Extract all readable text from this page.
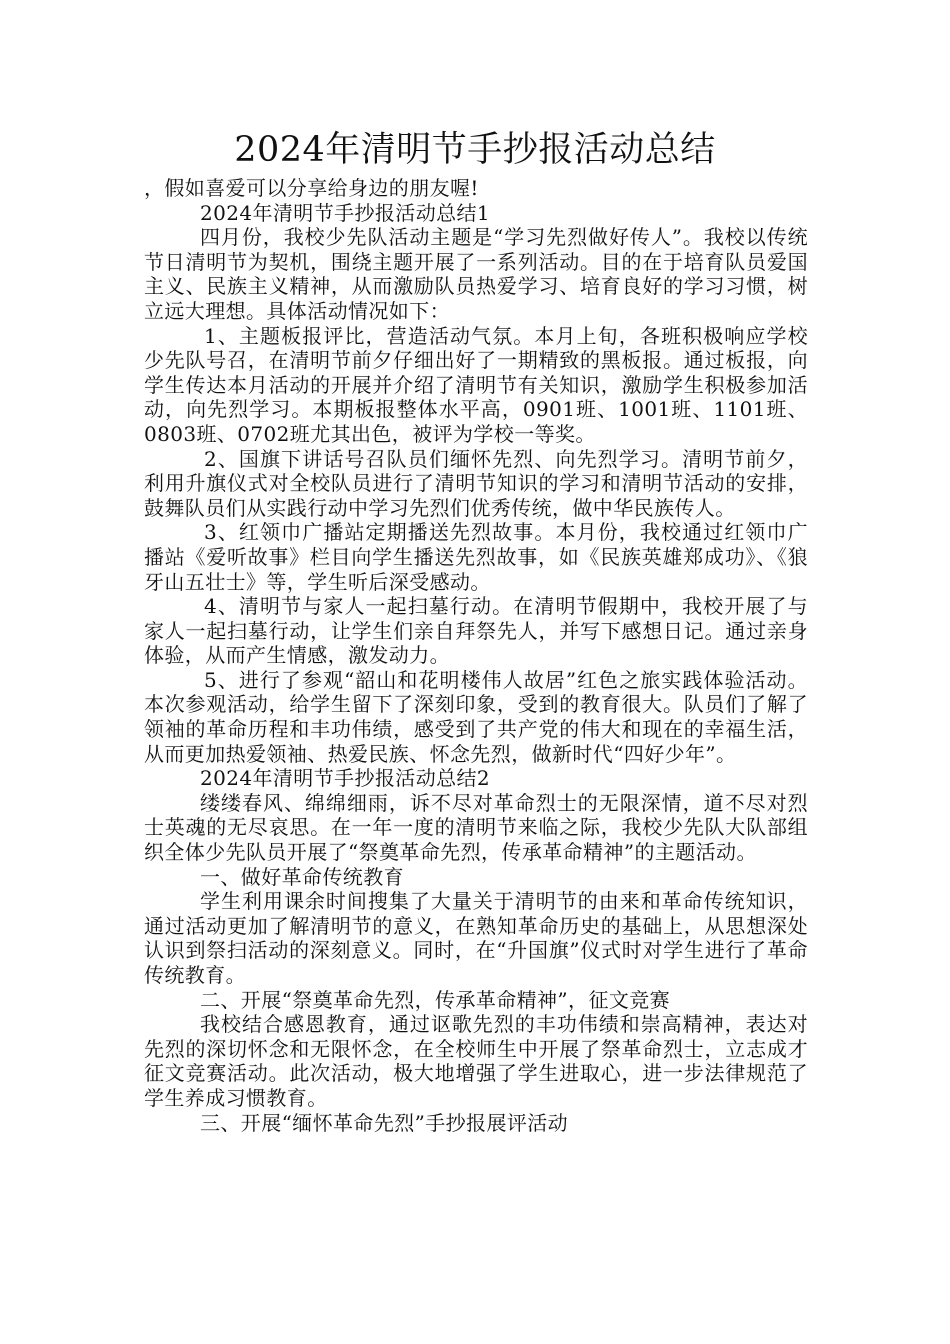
2024年清明节手抄报活动总结

，假如喜爱可以分享给身边的朋友喔!

2024年清明节手抄报活动总结1

四月份，我校少先队活动主题是“学习先烈做好传人”。我校以传统节日清明节为契机，围绕主题开展了一系列活动。目的在于培育队员爱国主义、民族主义精神，从而激励队员热爱学习、培育良好的学习习惯，树立远大理想。具体活动情况如下：

1、主题板报评比，营造活动气氛。本月上旬，各班积极响应学校少先队号召，在清明节前夕仔细出好了一期精致的黑板报。通过板报，向学生传达本月活动的开展并介绍了清明节有关知识，激励学生积极参加活动，向先烈学习。本期板报整体水平高，0901班、1001班、1101班、0803班、0702班尤其出色，被评为学校一等奖。

2、国旗下讲话号召队员们缅怀先烈、向先烈学习。清明节前夕，利用升旗仪式对全校队员进行了清明节知识的学习和清明节活动的安排，鼓舞队员们从实践行动中学习先烈们优秀传统，做中华民族传人。

3、红领巾广播站定期播送先烈故事。本月份，我校通过红领巾广播站《爱听故事》栏目向学生播送先烈故事，如《民族英雄郑成功》、《狼牙山五壮士》等，学生听后深受感动。

4、清明节与家人一起扫墓行动。在清明节假期中，我校开展了与家人一起扫墓行动，让学生们亲自拜祭先人，并写下感想日记。通过亲身体验，从而产生情感，激发动力。

5、进行了参观“韶山和花明楼伟人故居”红色之旅实践体验活动。本次参观活动，给学生留下了深刻印象，受到的教育很大。队员们了解了领袖的革命历程和丰功伟绩，感受到了共产党的伟大和现在的幸福生活，从而更加热爱领袖、热爱民族、怀念先烈，做新时代“四好少年”。

2024年清明节手抄报活动总结2

缕缕春风、绵绵细雨，诉不尽对革命烈士的无限深情，道不尽对烈士英魂的无尽哀思。在一年一度的清明节来临之际，我校少先队大队部组织全体少先队员开展了“祭奠革命先烈，传承革命精神”的主题活动。

一、做好革命传统教育

学生利用课余时间搜集了大量关于清明节的由来和革命传统知识，通过活动更加了解清明节的意义，在熟知革命历史的基础上，从思想深处认识到祭扫活动的深刻意义。同时，在“升国旗”仪式时对学生进行了革命传统教育。

二、开展“祭奠革命先烈，传承革命精神”，征文竞赛

我校结合感恩教育，通过讴歌先烈的丰功伟绩和崇高精神，表达对先烈的深切怀念和无限怀念，在全校师生中开展了祭革命烈士，立志成才征文竞赛活动。此次活动，极大地增强了学生进取心，进一步法律规范了学生养成习惯教育。

三、开展“缅怀革命先烈”手抄报展评活动
